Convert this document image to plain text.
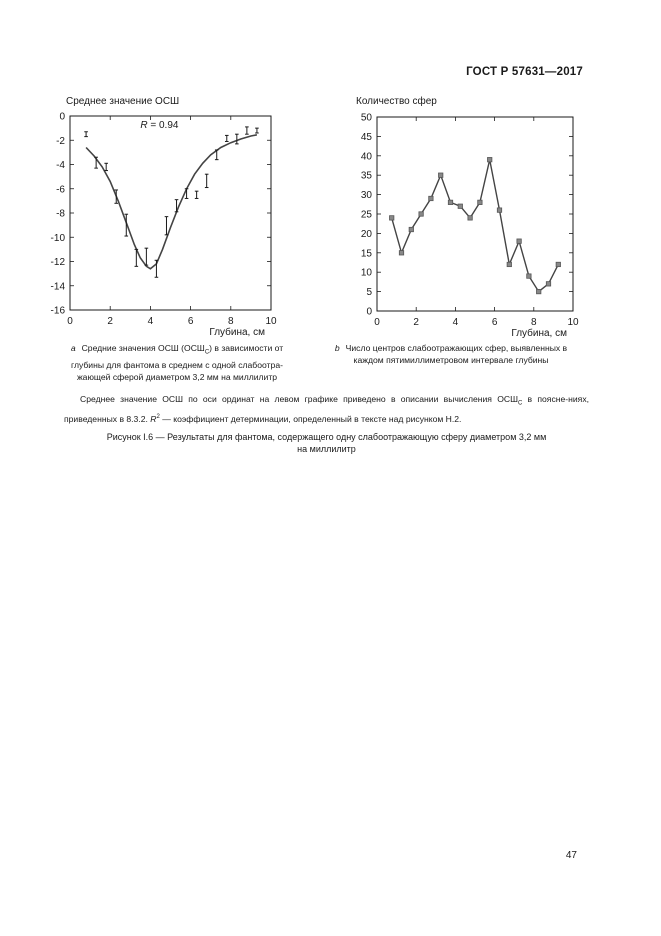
ГОСТ Р 57631—2017
Среднее значение ОСШ
0	2	4	6	8	10
0
-2
-4
-6
-8
-10
-12
-14
-16
Глубина, см
R = 0.94
Количество сфер
0	2	4	6	8	10
0
5
10
15
20
25
30
35
40
45
50
Глубина, см
а Средние значения ОСШ $(ОСШ_С)$ в зависимости от
глубины для фантома в среднем с одной слабоотра-
жающей сферой диаметром 3,2 мм на миллилитр
b Число центров слабоотражающих сфер, выявленных в
каждом пятимиллиметровом интервале глубины
Среднее значение ОСШ по оси ординат на левом графике приведено в описании вычисления $ОСШ_С$ в поясне-ниях, приведенных в 8.3.2. $R^2$ — коэффициент детерминации, определенный в тексте над рисунком Н.2.
Рисунок I.6 — Результаты для фантома, содержащего одну слабоотражающую сферу диаметром 3,2 мм
на миллилитр
47
